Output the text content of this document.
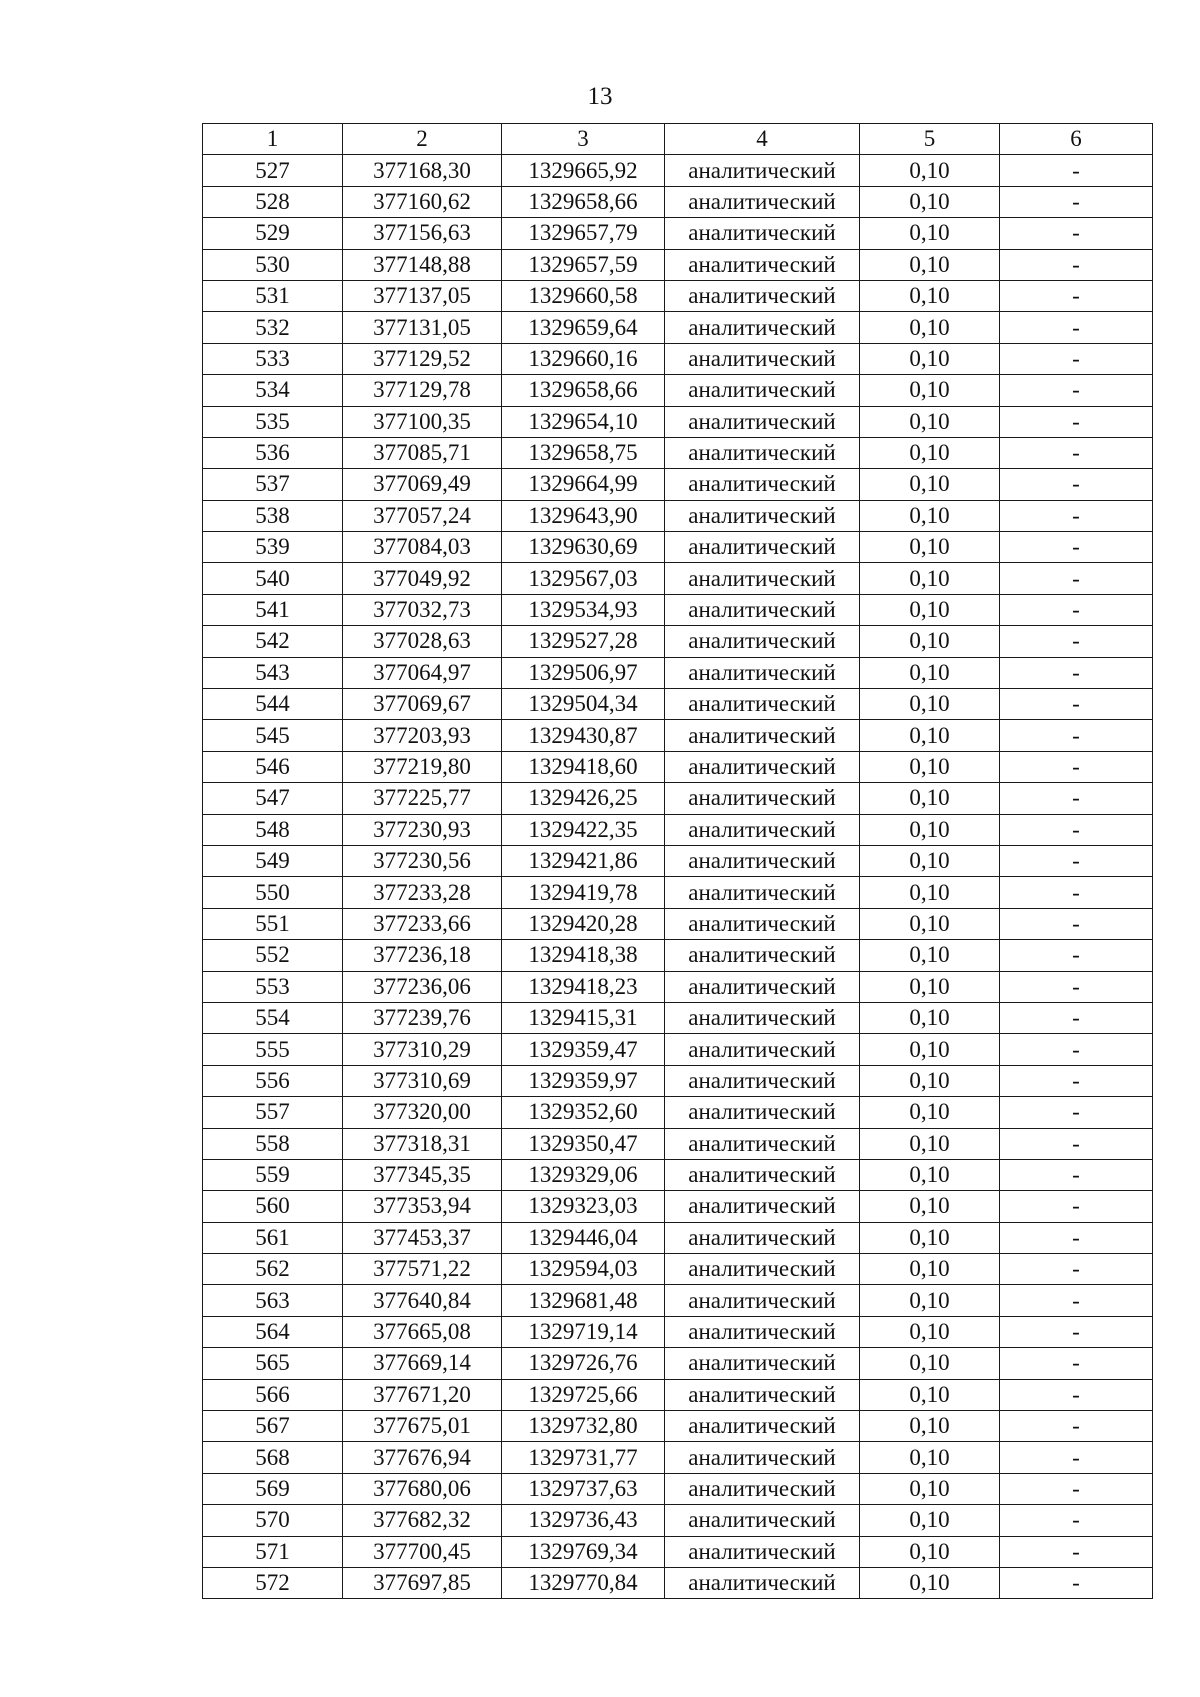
13
1	2	3	4	5	6
527	377168,30	1329665,92	аналитический	0,10	-
528	377160,62	1329658,66	аналитический	0,10	-
529	377156,63	1329657,79	аналитический	0,10	-
530	377148,88	1329657,59	аналитический	0,10	-
531	377137,05	1329660,58	аналитический	0,10	-
532	377131,05	1329659,64	аналитический	0,10	-
533	377129,52	1329660,16	аналитический	0,10	-
534	377129,78	1329658,66	аналитический	0,10	-
535	377100,35	1329654,10	аналитический	0,10	-
536	377085,71	1329658,75	аналитический	0,10	-
537	377069,49	1329664,99	аналитический	0,10	-
538	377057,24	1329643,90	аналитический	0,10	-
539	377084,03	1329630,69	аналитический	0,10	-
540	377049,92	1329567,03	аналитический	0,10	-
541	377032,73	1329534,93	аналитический	0,10	-
542	377028,63	1329527,28	аналитический	0,10	-
543	377064,97	1329506,97	аналитический	0,10	-
544	377069,67	1329504,34	аналитический	0,10	-
545	377203,93	1329430,87	аналитический	0,10	-
546	377219,80	1329418,60	аналитический	0,10	-
547	377225,77	1329426,25	аналитический	0,10	-
548	377230,93	1329422,35	аналитический	0,10	-
549	377230,56	1329421,86	аналитический	0,10	-
550	377233,28	1329419,78	аналитический	0,10	-
551	377233,66	1329420,28	аналитический	0,10	-
552	377236,18	1329418,38	аналитический	0,10	-
553	377236,06	1329418,23	аналитический	0,10	-
554	377239,76	1329415,31	аналитический	0,10	-
555	377310,29	1329359,47	аналитический	0,10	-
556	377310,69	1329359,97	аналитический	0,10	-
557	377320,00	1329352,60	аналитический	0,10	-
558	377318,31	1329350,47	аналитический	0,10	-
559	377345,35	1329329,06	аналитический	0,10	-
560	377353,94	1329323,03	аналитический	0,10	-
561	377453,37	1329446,04	аналитический	0,10	-
562	377571,22	1329594,03	аналитический	0,10	-
563	377640,84	1329681,48	аналитический	0,10	-
564	377665,08	1329719,14	аналитический	0,10	-
565	377669,14	1329726,76	аналитический	0,10	-
566	377671,20	1329725,66	аналитический	0,10	-
567	377675,01	1329732,80	аналитический	0,10	-
568	377676,94	1329731,77	аналитический	0,10	-
569	377680,06	1329737,63	аналитический	0,10	-
570	377682,32	1329736,43	аналитический	0,10	-
571	377700,45	1329769,34	аналитический	0,10	-
572	377697,85	1329770,84	аналитический	0,10	-
